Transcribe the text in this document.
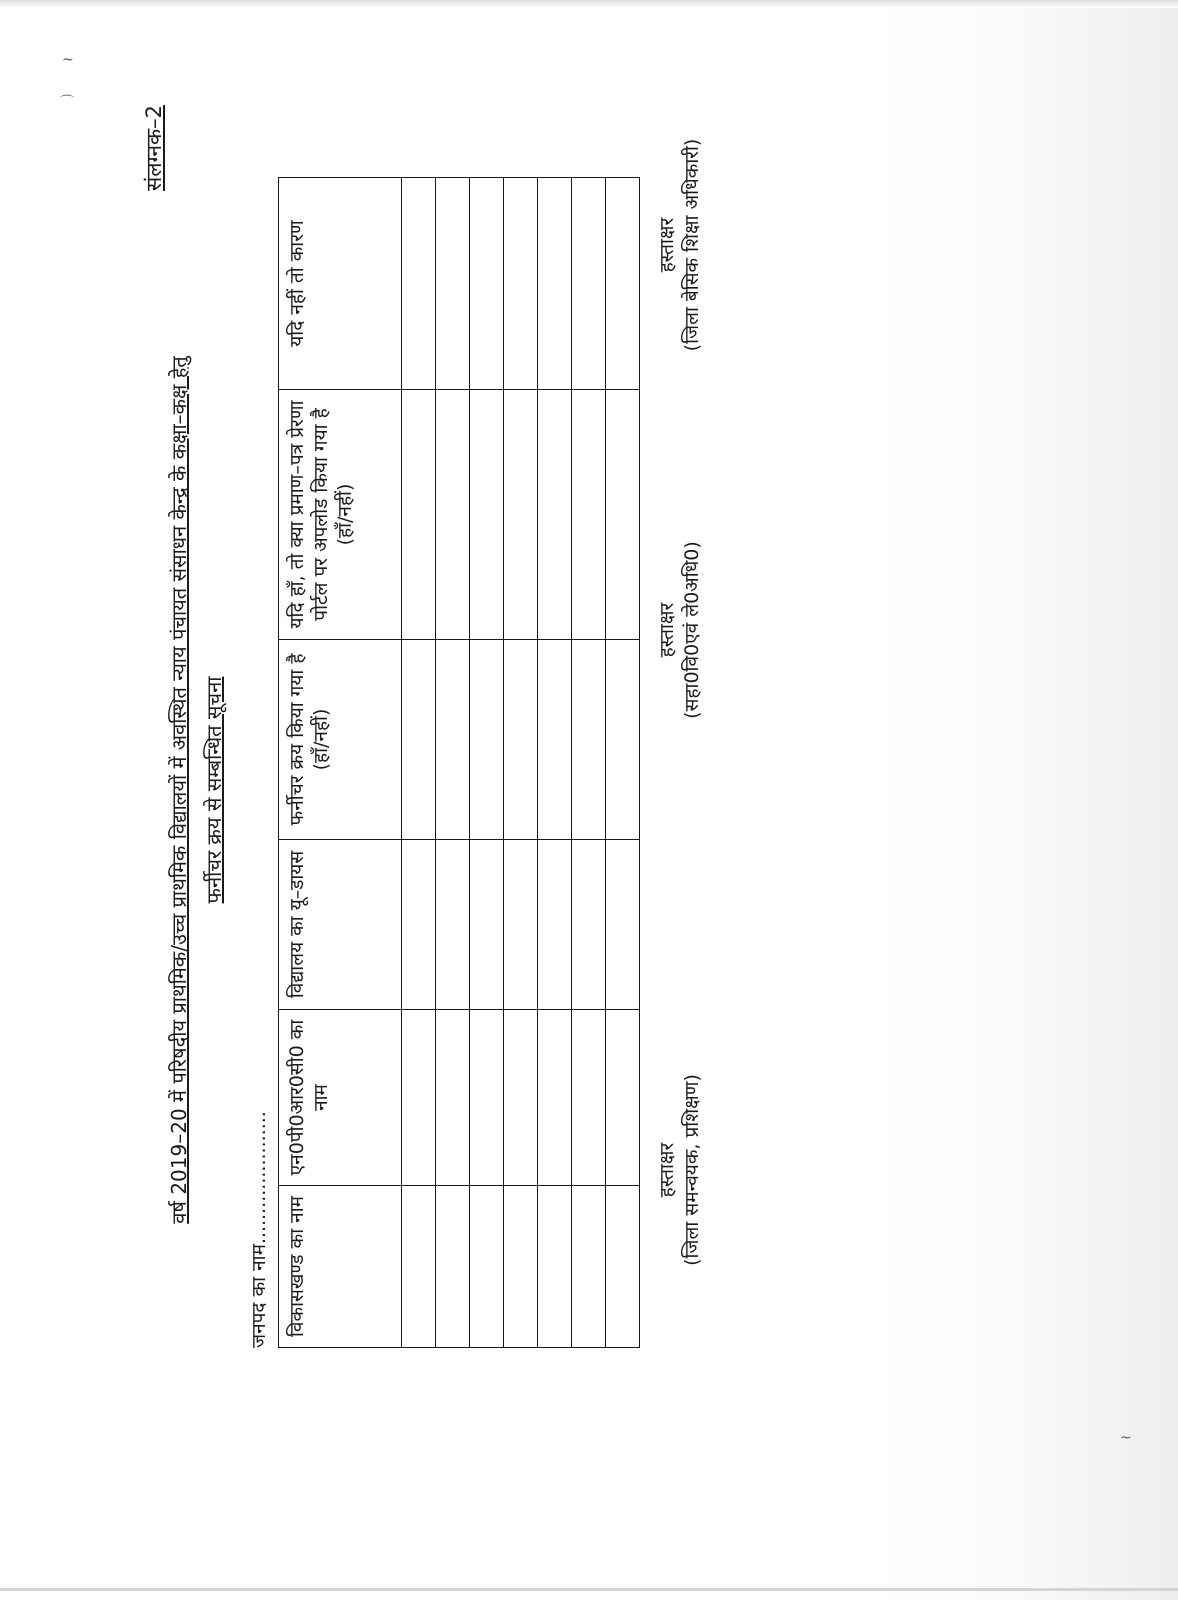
~
⌒
~
संलग्नक–2
वर्ष 2019–20 में परिषदीय प्राथमिक/उच्च प्राथमिक विद्यालयों में अवस्थित न्याय पंचायत संसाधन केन्द्र के कक्षा–कक्ष हेतु फर्नीचर क्रय से सम्बन्धित सूचना
जनपद का नाम...................... विकासखण्ड का नाम	एन0पी0आर0सी0 का नाम	विद्यालय का यू–डायस	फर्नीचर क्रय किया गया है (हाँ/नहीं)	यदि हाँ, तो क्या प्रमाण–पत्र प्रेरणा पोर्टल पर अपलोड किया गया है (हाँ/नहीं)	यदि नहीं तो कारण

हस्ताक्षर (जिला समन्वयक, प्रशिक्षण)
हस्ताक्षर (सहा0वि0एवं ले0अधि0)
हस्ताक्षर (जिला बेसिक शिक्षा अधिकारी)
